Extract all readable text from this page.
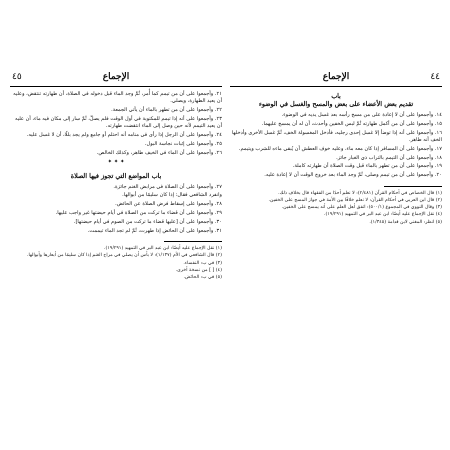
الإجماع
٤٥

٢١. وأجمعوا على أن من تيمم كما أُمر، ثُمَّ وجد الماء قبل دخوله في الصلاة، أن طهارته تنتقض، وعليه أن يعيد الطهارة، ويصلي.

٢٢. وأجمعوا على أن من تطهر بالماء أن يأتي الجمعة.

٢٣. وأجمعوا على أنه إذا تيمم للمكتوبة في أول الوقت فلم يصلِّ، ثُمَّ سار إلى مكان فيه ماء، أن عليه أن يعيد التيمم لأنه حين وصل إلى الماء انتقضت طهارته.

٢٤. وأجمعوا على أن الرجل إذا رأى في منامه أنه احتلم أو جامع ولم يجد بللًا، أن لا غسل عليه.

٢٥. وأجمعوا على إثبات نجاسة البول.

٢٦. وأجمعوا على أن الماء في الخيف طاهر، وكذلك الخالص.

✦ ✦ ✦
باب المواضع التي تجوز فيها الصلاة

٢٧. وأجمعوا على أن الصلاة في مرابض الغنم جائزة.

وانفرد الشافعي فقال: إذا كان سليمًا من أبوالها.

٢٨. وأجمعوا على إسقاط فرض الصلاة عن الحائض.

٢٩. وأجمعوا على أن قضاء ما تركت من الصلاة في أيام حيضتها غير واجب عليها.

٣٠. وأجمعوا على أن [عليها قضاء ما تركت من الصوم في أيام حيضتها].

٣١. وأجمعوا على أن الحائض إذا طهرت، ثُمَّ لم تجد الماء تيممت.

(١) نقل الإجماع عليه أيضًا: ابن عبد البر في التمهيد (١٩/٢٩١).

(٢) قال الشافعي في الأم (١/١٣٧): لا بأس أن يصلي في مراح الغنم إذا كان سليمًا من أبعارها وأبوالها.

(٣) في ب: النفساء.

(٤) [ ] من نسخة أخرى.

(٥) في ب: الحائض.

الإجماع	٤٤
باب
تقديم بعض الأعضاء على بعض والمسح والغسل في الوضوء

١٤. وأجمعوا على أن لا إعادة على من مسح رأسه بعد غسل يديه في الوضوء.

١٥. وأجمعوا على أن من أكمل طهارته ثُمَّ لبس الخفين وأحدث، أن له أن يمسح عليهما.

١٦. وأجمعوا على أنه إذا توضأ إلا غسل إحدى رجليه، فأدخل المغسولة الخف، ثُمَّ غسل الأخرى وأدخلها الخف أنه طاهر.

١٧. وأجمعوا على أن المسافر إذا كان معه ماء، وعليه خوف العطش أن يُبقي ماءه للشرب ويتيمم.

١٨. وأجمعوا على أن التيمم بالتراب ذي الغبار جائز.

١٩. وأجمعوا على أن من تطهر بالماء قبل وقت الصلاة أن طهارته كاملة.

٢٠. وأجمعوا على أن من تيمم وصلى، ثُمَّ وجد الماء بعد خروج الوقت أن لا إعادة عليه.

(١) قال الخصاص في أحكام القرآن (٢/٤٨١): لا نعلم أحدًا من الفقهاء قال بخلاف ذلك.

(٢) قال ابن العربي في أحكام القرآن: لا نعلم خلافًا بين الأمة في جواز المسح على الخفين.

(٣) وقال النووي في المجموع (٥٠٠/١): اتفق أهل العلم على أنه يمسح على الخفين.

(٤) نقل الإجماع عليه أيضًا: ابن عبد البر في التمهيد (١٩/٢٩١).

(٥) انظر: المغني لابن قدامة (١/٣٤٥).
